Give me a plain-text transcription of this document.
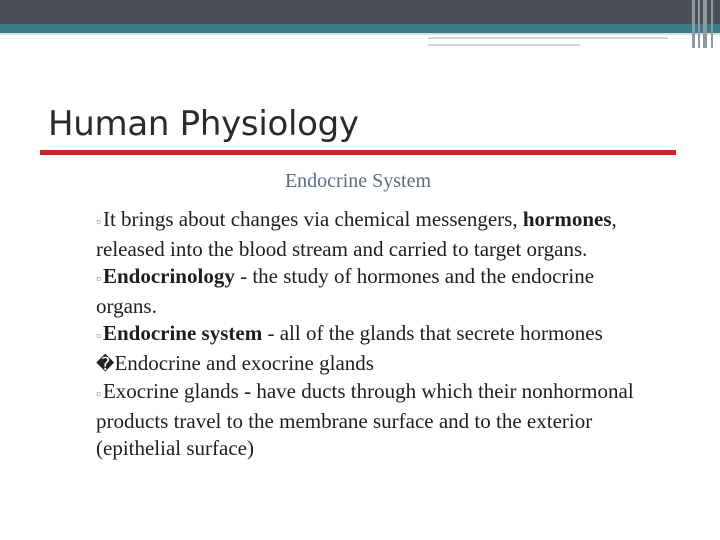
Human Physiology
Endocrine System
▫It brings about changes via chemical messengers, hormones, released into the blood stream and carried to target organs.
▫Endocrinology - the study of hormones and the endocrine organs.
▫Endocrine system - all of the glands that secrete hormones
�Endocrine and exocrine glands
▫Exocrine glands - have ducts through which their nonhormonal products travel to the membrane surface and to the exterior (epithelial surface)
